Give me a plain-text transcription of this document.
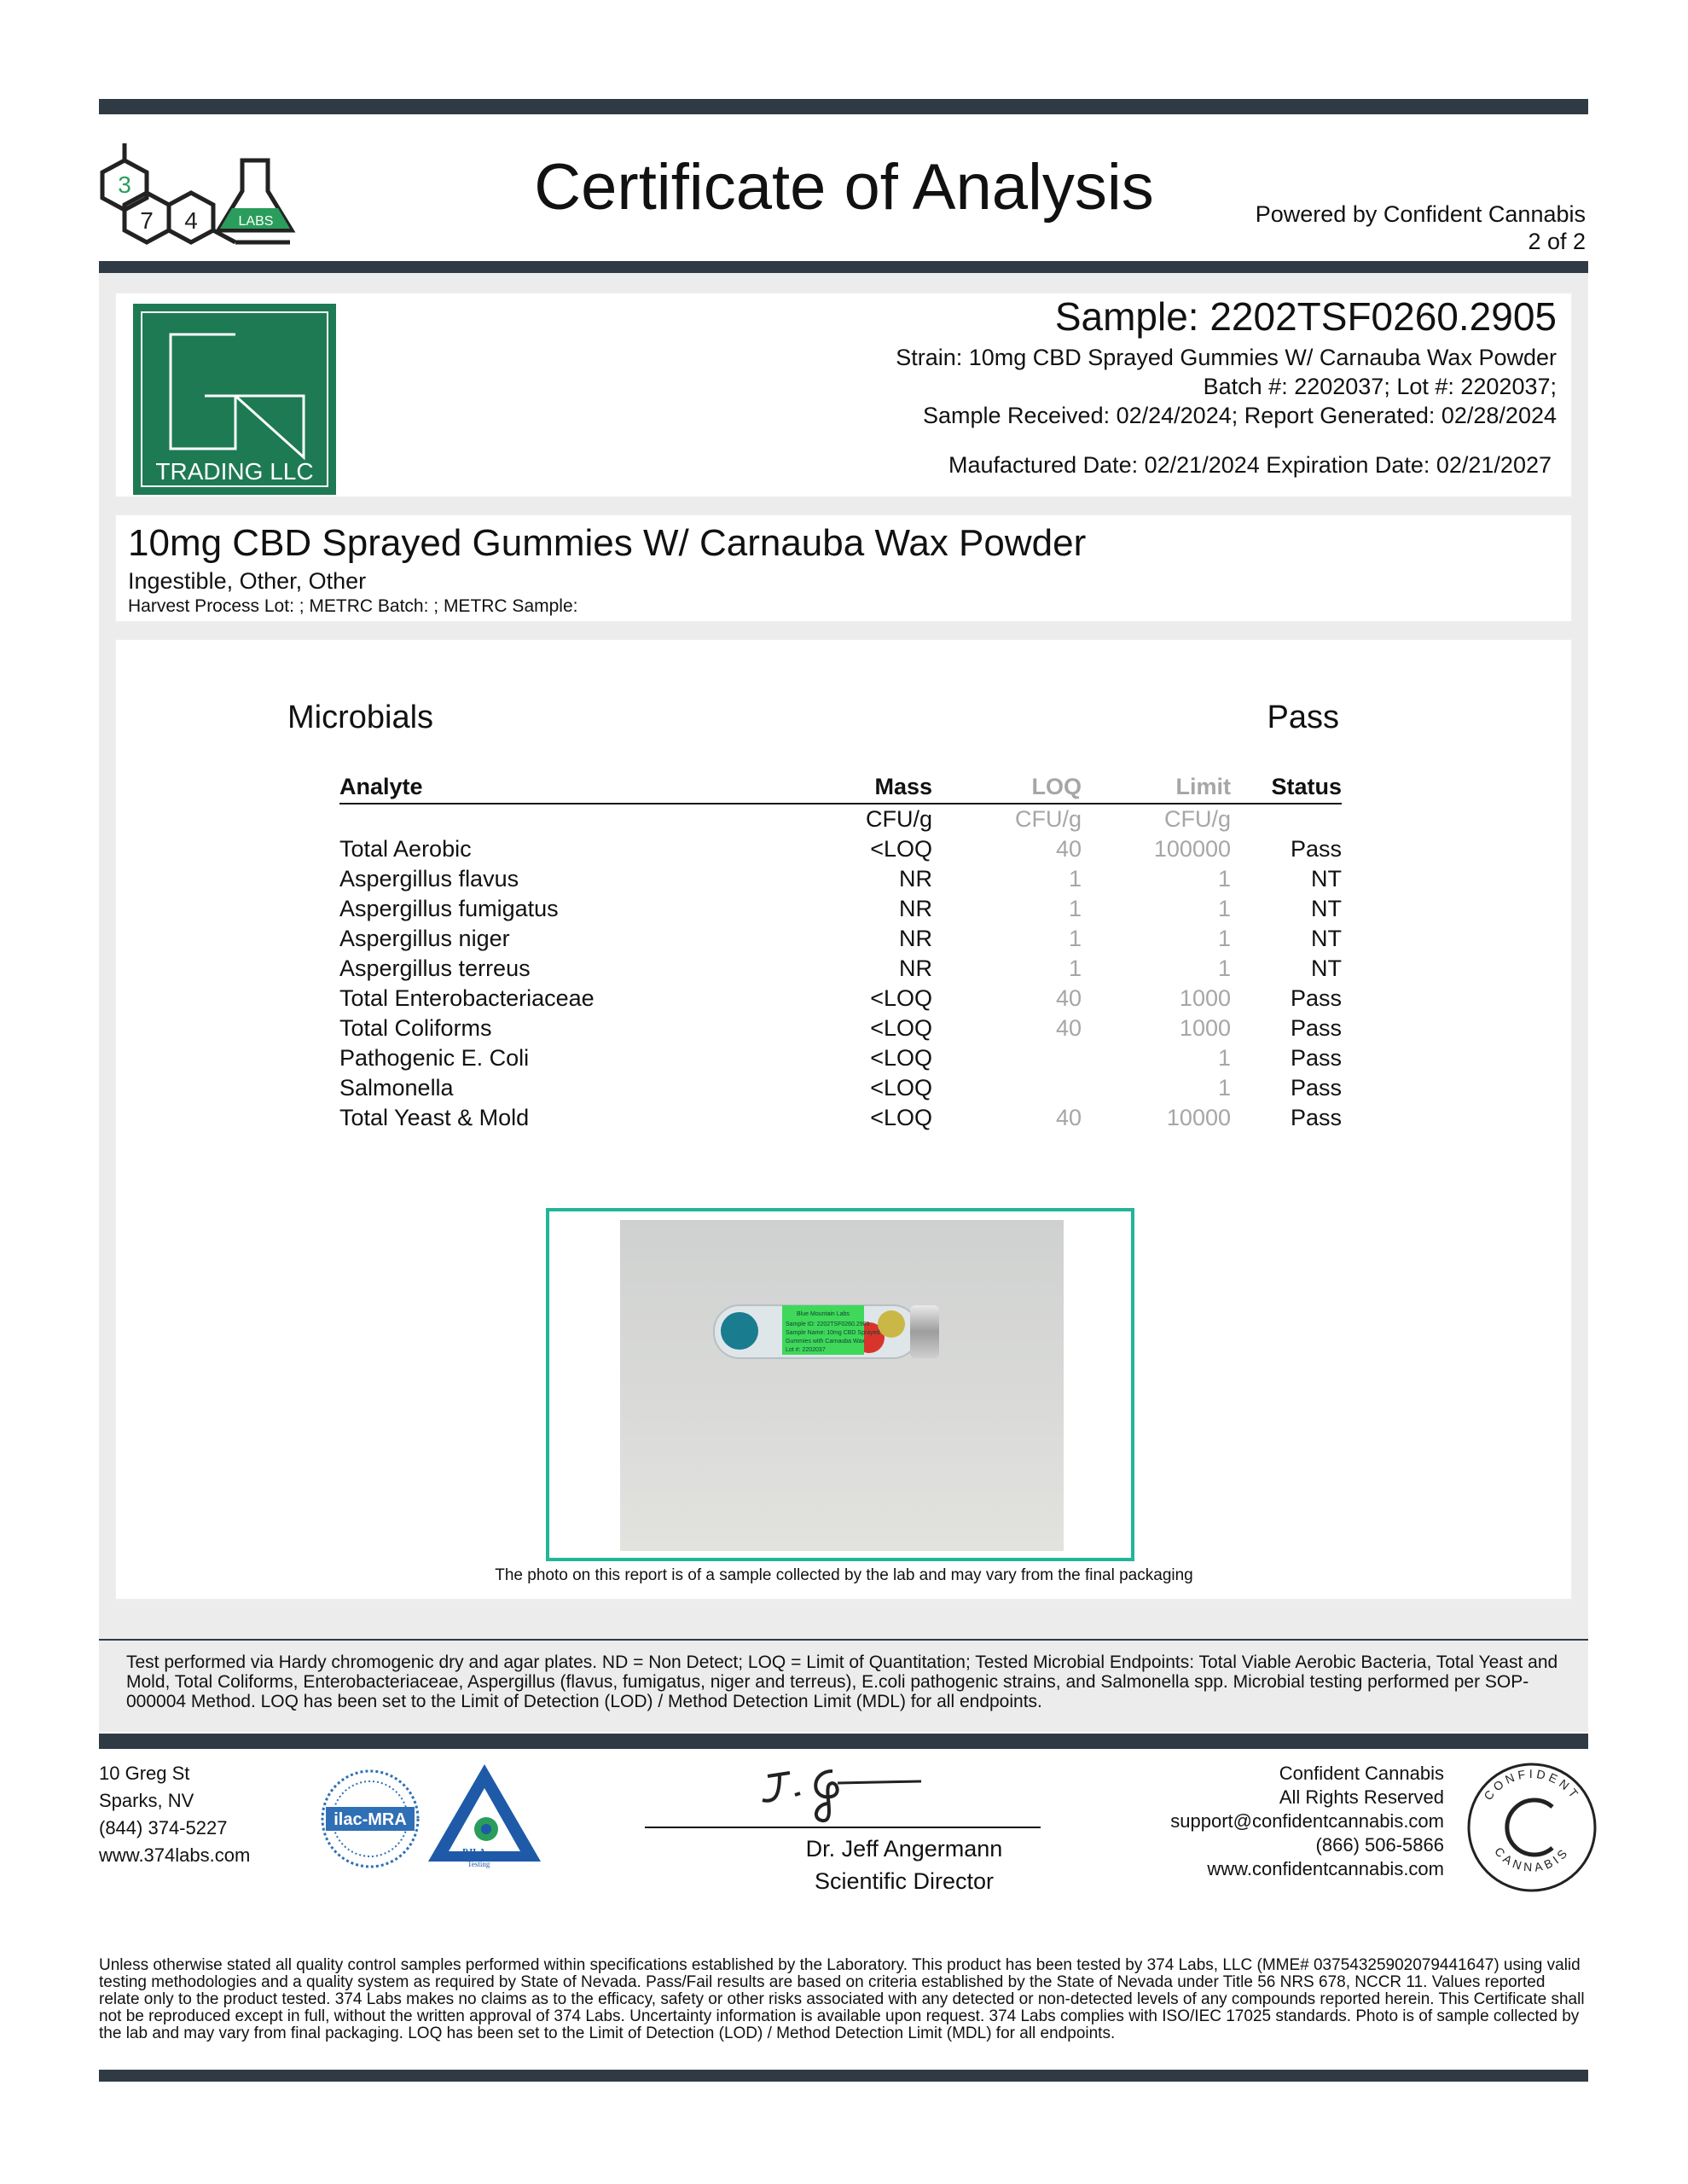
3
7 4	LABS	Certificate of Analysis	Powered by Confident Cannabis
2 of 2
TRADING LLC
Sample: 2202TSF0260.2905
Strain: 10mg CBD Sprayed Gummies W/ Carnauba Wax Powder
Batch #: 2202037; Lot #: 2202037;
Sample Received: 02/24/2024; Report Generated: 02/28/2024
Maufactured Date: 02/21/2024 Expiration Date: 02/21/2027
10mg CBD Sprayed Gummies W/ Carnauba Wax Powder
Ingestible, Other, Other
Harvest Process Lot: ; METRC Batch: ; METRC Sample:
Microbials	Pass
Analyte	Mass	LOQ	Limit	Status
	CFU/g	CFU/g	CFU/g	
Total Aerobic	<LOQ	40	100000	Pass
Aspergillus flavus	NR	1	1	NT
Aspergillus fumigatus	NR	1	1	NT
Aspergillus niger	NR	1	1	NT
Aspergillus terreus	NR	1	1	NT
Total Enterobacteriaceae	<LOQ	40	1000	Pass
Total Coliforms	<LOQ	40	1000	Pass
Pathogenic E. Coli	<LOQ		1	Pass
Salmonella	<LOQ		1	Pass
Total Yeast & Mold	<LOQ	40	10000	Pass
Blue Mountain Labs
Sample ID: 2202TSF0260.2905
Sample Name: 10mg CBD Sprayed
Gummies with Carnauba Wax
Lot #: 2202037
The photo on this report is of a sample collected by the lab and may vary from the final packaging
Test performed via Hardy chromogenic dry and agar plates. ND = Non Detect; LOQ = Limit of Quantitation; Tested Microbial Endpoints: Total Viable Aerobic Bacteria, Total Yeast and Mold, Total Coliforms, Enterobacteriaceae, Aspergillus (flavus, fumigatus, niger and terreus), E.coli pathogenic strains, and Salmonella spp. Microbial testing performed per SOP-000004 Method. LOQ has been set to the Limit of Detection (LOD) / Method Detection Limit (MDL) for all endpoints.
10 Greg St
Sparks, NV
(844) 374-5227
www.374labs.com
ilac-MRA
PJLA
Testing
Dr. Jeff Angermann
Scientific Director
Confident Cannabis
All Rights Reserved
support@confidentcannabis.com
(866) 506-5866
www.confidentcannabis.com
CONFIDENT
CANNABIS
Unless otherwise stated all quality control samples performed within specifications established by the Laboratory. This product has been tested by 374 Labs, LLC (MME# 03754325902079441647) using valid testing methodologies and a quality system as required by State of Nevada. Pass/Fail results are based on criteria established by the State of Nevada under Title 56 NRS 678, NCCR 11. Values reported relate only to the product tested. 374 Labs makes no claims as to the efficacy, safety or other risks associated with any detected or non-detected levels of any compounds reported herein. This Certificate shall not be reproduced except in full, without the written approval of 374 Labs. Uncertainty information is available upon request. 374 Labs complies with ISO/IEC 17025 standards. Photo is of sample collected by the lab and may vary from final packaging. LOQ has been set to the Limit of Detection (LOD) / Method Detection Limit (MDL) for all endpoints.
